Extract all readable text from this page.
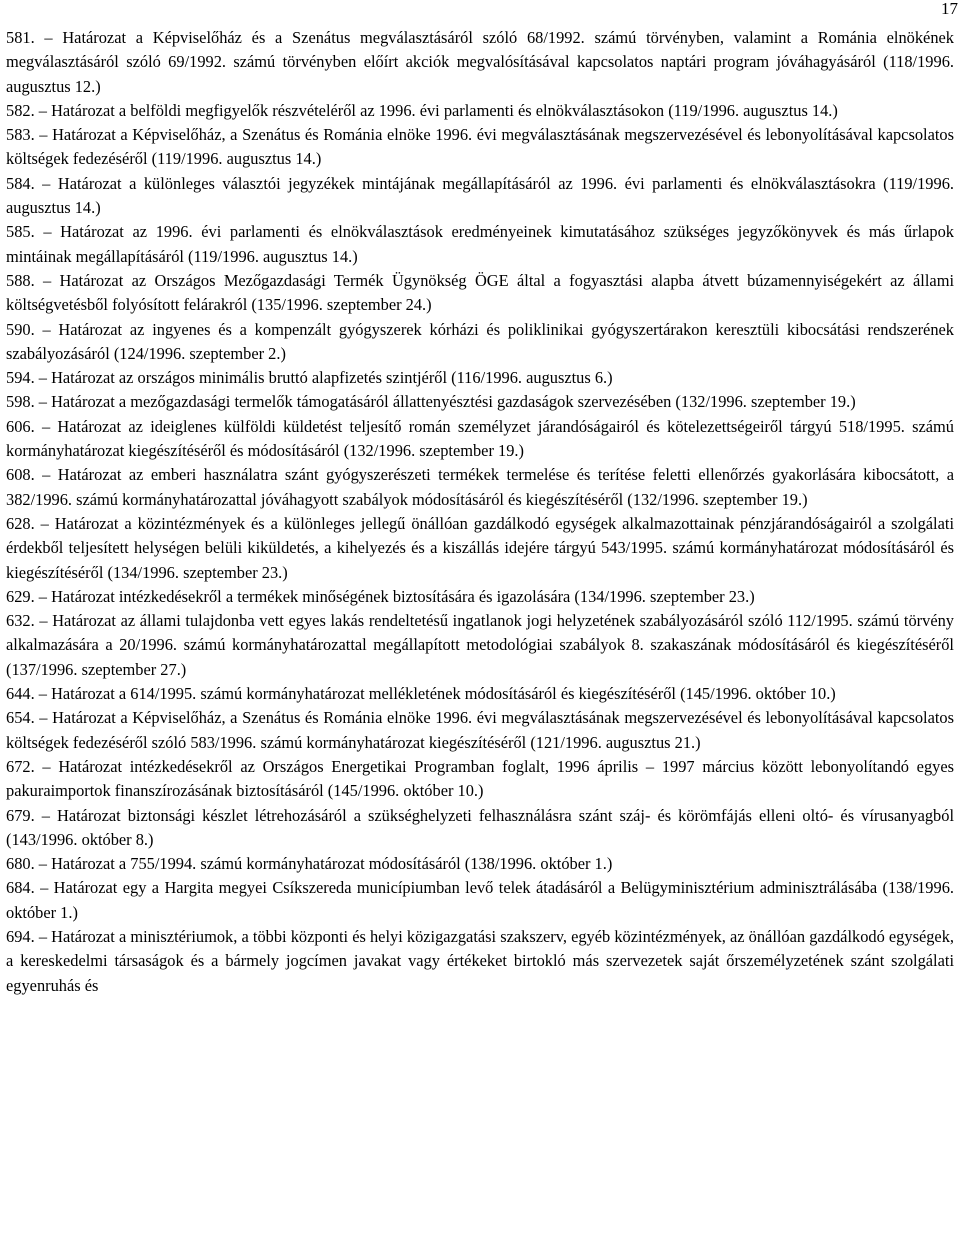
17

581. – Határozat a Képviselőház és a Szenátus megválasztásáról szóló 68/1992. számú törvényben, valamint a Románia elnökének megválasztásáról szóló 69/1992. számú törvényben előírt akciók megvalósításával kapcsolatos naptári program jóváhagyásáról (118/1996. augusztus 12.)

582. – Határozat a belföldi megfigyelők részvételéről az 1996. évi parlamenti és elnökválasztásokon (119/1996. augusztus 14.)

583. – Határozat a Képviselőház, a Szenátus és Románia elnöke 1996. évi megválasztásának megszervezésével és lebonyolításával kapcsolatos költségek fedezéséről (119/1996. augusztus 14.)

584. – Határozat a különleges választói jegyzékek mintájának megállapításáról az 1996. évi parlamenti és elnökválasztásokra (119/1996. augusztus 14.)

585. – Határozat az 1996. évi parlamenti és elnökválasztások eredményeinek kimutatásához szükséges jegyzőkönyvek és más űrlapok mintáinak megállapításáról (119/1996. augusztus 14.)

588. – Határozat az Országos Mezőgazdasági Termék Ügynökség ÖGE által a fogyasztási alapba átvett búzamennyiségekért az állami költségvetésből folyósított felárakról (135/1996. szeptember 24.)

590. – Határozat az ingyenes és a kompenzált gyógyszerek kórházi és poliklinikai gyógyszertárakon keresztüli kibocsátási rendszerének szabályozásáról (124/1996. szeptember 2.)

594. – Határozat az országos minimális bruttó alapfizetés szintjéről (116/1996. augusztus 6.)

598. – Határozat a mezőgazdasági termelők támogatásáról állattenyésztési gazdaságok szervezésében (132/1996. szeptember 19.)

606. – Határozat az ideiglenes külföldi küldetést teljesítő román személyzet járandóságairól és kötelezettségeiről tárgyú 518/1995. számú kormányhatározat kiegészítéséről és módosításáról (132/1996. szeptember 19.)

608. – Határozat az emberi használatra szánt gyógyszerészeti termékek termelése és terítése feletti ellenőrzés gyakorlására kibocsátott, a 382/1996. számú kormányhatározattal jóváhagyott szabályok módosításáról és kiegészítéséről (132/1996. szeptember 19.)

628. – Határozat a közintézmények és a különleges jellegű önállóan gazdálkodó egységek alkalmazottainak pénzjárandóságairól a szolgálati érdekből teljesített helységen belüli kiküldetés, a kihelyezés és a kiszállás idejére tárgyú 543/1995. számú kormányhatározat módosításáról és kiegészítéséről (134/1996. szeptember 23.)

629. – Határozat intézkedésekről a termékek minőségének biztosítására és igazolására (134/1996. szeptember 23.)

632. – Határozat az állami tulajdonba vett egyes lakás rendeltetésű ingatlanok jogi helyzetének szabályozásáról szóló 112/1995. számú törvény alkalmazására a 20/1996. számú kormányhatározattal megállapított metodológiai szabályok 8. szakaszának módosításáról és kiegészítéséről (137/1996. szeptember 27.)

644. – Határozat a 614/1995. számú kormányhatározat mellékletének módosításáról és kiegészítéséről (145/1996. október 10.)

654. – Határozat a Képviselőház, a Szenátus és Románia elnöke 1996. évi megválasztásának megszervezésével és lebonyolításával kapcsolatos költségek fedezéséről szóló 583/1996. számú kormányhatározat kiegészítéséről (121/1996. augusztus 21.)

672. – Határozat intézkedésekről az Országos Energetikai Programban foglalt, 1996 április – 1997 március között lebonyolítandó egyes pakuraimportok finanszírozásának biztosításáról (145/1996. október 10.)

679. – Határozat biztonsági készlet létrehozásáról a szükséghelyzeti felhasználásra szánt száj- és körömfájás elleni oltó- és vírusanyagból (143/1996. október 8.)

680. – Határozat a 755/1994. számú kormányhatározat módosításáról (138/1996. október 1.)

684. – Határozat egy a Hargita megyei Csíkszereda municípiumban levő telek átadásáról a Belügyminisztérium adminisztrálásába (138/1996. október 1.)

694. – Határozat a minisztériumok, a többi központi és helyi közigazgatási szakszerv, egyéb közintézmények, az önállóan gazdálkodó egységek, a kereskedelmi társaságok és a bármely jogcímen javakat vagy értékeket birtokló más szervezetek saját őrszemélyzetének szánt szolgálati egyenruhás és
